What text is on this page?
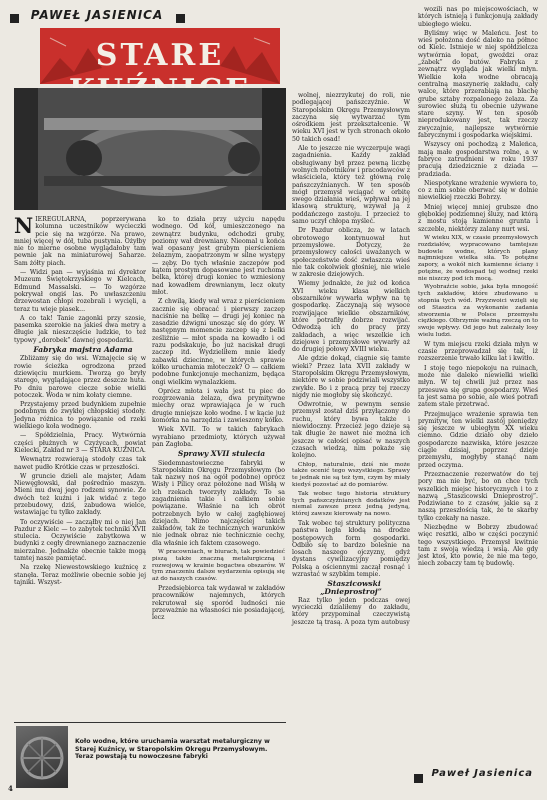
PAWEŁ JASIENICA
STARE

NIEREGULARNA, poprzerywana kolumna uczestników wycieczki pcie się na wzgórze. Na prawo, mniej więcej w dół, tuba pustynia. Ożyłby nie to mierne osobne wyglądałoby tam pewnie jak na miniaturowej Saharze. Sam żółty piach.

— Widzi pan — wyjaśnia mi dyrektor Muzeum Świętokrzyskiego w Kielcach, Edmund Massalski. — To wzgórze pokrywał ongiś las. Po uwłaszczeniu drzewostan chłopi rozebrali i wycięli, a teraz tu wieje piasek...

A co tak! Tanie zagonki przy szosie, pasemka szerokie na jakieś dwa metry a długie jak nieszczęście ludzkie, to też typowy „dorobek” dawnej gospodarki.

Fabryka majstra Adama

Zbliżamy się do wsi. Wznajęcie się w rowie ścieżka ogrodzona przed dziewięciu murkiem. Tworzą go bryły starego, wyglądające przez deszcze huta. Po dniu parowe ciecze sobie wielki potoczek. Woda w nim kołaty ciemne.

Przystajemy przed budynkiem zupełnie podobnym do zwykłej chłopskiej stodoły. Jedyna różnica to powiązanie od rzeki wielkiego koła wodnego.

— Spółdzielnia, Pracy. Wytwórnia części płużnych w Czyżycach, powiat Kielecki, Zakład nr 3 — STARA KUŹNICA.

Wewnątrz rozwierają stodoły czas tak nawet pudło Krótkie czas w przeszłości.

W gruncie dzieli ale majster, Adam Niewęgłowski, dał pośrednio maszyn. Mieni mu dwaj jego rodzeni synowie. Ze dwóch też kuźni i jak widać z tego przebudowy, dziś, zabudowa wielce, wstawiając tu tylko zakłady.

To oczywiście — zacząłby mi o niej Jan Pazdur z Kielc — to zabytek techniki XVII stulecia. Oczywiście zabytkowa w budynki z cegły drewnianego zaznaczenie mierzalne. Jednakże obecnie także mogą tamtej nasze pamiętać.

Na rzekę Niewestowskiego kuźnicę z stanęła. Teraz możliwie obecnie sobie jej tajniki. Wszyst-

ko to działa przy użyciu napędu wodnego. Od kół, umieszczonego na zewnątrz budynku, odchodzi gruby, poziomy wał drewniany. Nieomal u końca wał opasany jest grubym pierścieniem żelaznym, zaopatrzonym w silne występy — zęby. Do tych właśnie zaczepów pod kątem prostym dopasowane jest ruchoma belka, której drugi koniec to wzniesiony nad kowadłem drewnianym, lecz okuty młot.

Z chwilą, kiedy wał wraz z pierścieniem zacznie się obracać i pierwszy zaczep naciśnie na belkę — drugi jej koniec na zasadzie dźwigni unosząc się do góry. W następnym momencie zaczep się z belki ześliźnie — młot spada na kowadło i od razu podskakuje, bo już naciskał drugi zaczep itd. Wydzieliłem mnie kiedy zabawki dziecinne, w których sprawie kółko uruchamia młoteczek? O — całkiem podobne funkcjonuje mechanizm, będąca ongi wielkim wynalazkiem.

Oprócz młota i wała jest tu piec do rozgrzewania żelaza, dwa prymitywne miechy oraz wprawiająca je w ruch drugie mniejsze koło wodne. I w kącie już komórka na narzędzia i zawieszony kółko.

Wiek XVII. To w takich fabrykach wyrabiano przedmioty, których używał pan Zagłoba.

Sprawy XVII stulecia

Siedemnastowieczne fabryki w Staropolskim Okręgu Przemysłowym (bo tak nazwy noś na ogół podobne) oprócz Wisły i Pilicy oraz położone nad Wisłą w ich rzekach tworzyły zakłady. To sa zagadnienia takie i całkiem sobie powiązane. Właśnie na ich obrót potrzebnych było w całej zagłębiowej dziejach. Mimo najczęściej takich zakładów, tak że technicznych warunków nie jednak obraz nie technicznie cechy, dla właśnie ich faktem czasowego.

W pracowniach, w biurach, tak powiedzieć piszą także znaczną metalurgiczną i rozwojową w krainie bogactwa obszarów. W tym znaczeniu dalsze wydarzenia opisują się aż do naszych czasów.

Przedsiębiorca tak wydawał w zakładów pracowników najemnych, których rekrutował się sporód ludności nie przeważnie na własności nie posiadającej, lecz

wolnej, niezrzykutej do roli, nie podlegającej pańszczyźnie. W Staropolskim Okręgu Przemysłowym zaczyna się wytwarzać tym ośrodkiem jest przekształcenie. W wieku XVI jest w tych stronach około 50 takich osad!

Ale to jeszcze nie wyczerpuje wagi zagadnienia. Każdy zakład obsługiwany był przez pewną liczbę wolnych robotników i pracodawców z właściciela, który też główną rolę pańszczyźnianych. W ten sposób mógł przemysł wciągać w orbitę swego działania wieś, wpływał na jej klasową strukturę, wzywał ją z poddańczego zastoju. I przecież to samo uczył chłopa myśleć.

Dr Pazdur oblicza, że w latach obrotowego kontynuował hut przemysłowe. Dotyczy, że przemysłowcy całości uważanych w społeczeństwie dość zwłaszcza wieś nie tak cokolwiek głośniej, nie wiele w zakresie dziejowych.

Wiemy jednakże, że już od końca XVI wieku klasa wielkich obszarników wywarła wpływ na tę gospodarkę. Zaczynają się wysoce rozwijające wielkie obszarników, które potrafiły dobrze rozwijać. Odwodzą ich do pracy przy zakładach, a więc wszelkie ich dziejowe i przemysłowe wywarły aż do drugiej połowy XVIII wieku.

Ale gdzie dokąd, ciągnie się tamte wieki? Przez lata XVII zakłady w Staropolskim Okręgu Przemysłowym, niektóre w sobie podziwiali wszystko zwykłe. Bo i z pracą przy tej rzeczy nigdy nie mogłoby się skończyć.

Odwrotnie, w pewnym sensie przemysł został dziś przyłączony do ruchu, który bywa także i niewidoczny. Przecież jego dzieje są tak długie że nawet nie można ich jeszcze w całości opisać w naszych czasach wiedzą, nim pokaże się kolejno.

Chłop, naturalnie, dziś nie może także ocenić tego wszystkiego. Sprawy te jednak nie są też tym, czym by miały kiedyś pozostać aż do pomiarów.

Tak wobec tego historia struktury tych pańszczyźnianych dodatków jest niemal zawsze przez jedną jedyną, której zawsze kierowały na nowo.

Tak wobec tej struktury polityczna państwa legła kłodą na drodze postępowych form gospodarki. Odbiło się to bardzo boleśnie na losach naszego ojczyzny, gdyż dystans cywilizacyjny pomiędzy Polską a ościennymi zaczął rosnąć i wzrastać w szybkim tempie.

Staszicowski „Dnieprostroj”

Raz tylko jeden podczas owej wycieczki dzialiłemy do zakładu, który przypominał czeczywistą jeszcze tą trasą. A poza tym autobusy

wozili nas po miejscowościach, w których istnieją i funkcjonują zakłady ubiegłego wieku.

Byliśmy więc w Maleńcu. Jest to wieś położona dość daleko na północ od Kielc. Istnieje w niej spółdzielcza wytwórnia łopat, gwoździ oraz „żabek” do butów. Fabryka z zewnątrz wygląda jak wielki młyn. Wielkie koła wodne obracają centralną maszynerię zakładu, cały walce, które przerabiają na blachę grube sztaby rozpalonego żelaza. Za surowiec służą tu obecnie używane stare szyny. W ten sposób nieprodukowany jest, tak rzeczy zwyczajnie, najlepsze wytwórnie fabrycznymi i gospodarka wiejskimi.

Wszyscy oni pochodzą z Maleńca, mają małe gospodarstwa rolne, a w fabryce zatrudnieni w roku 1937 pracują dziedzicznie z dziada — pradziada.

Niespotykane wrażenie wywiera to, co z nim sobie oberwać się w dolnie niewielkiej rzeczki Bobrzy.

Mniej więcej mniej grubsze dno głębokiej podziemnej śluzy, nad którą z mostu stoją kamienne grunta i szczeble, niektórzy zalany nurt wsi.

W wieku XIX, w czasie przemysłowych rozdziałów, wypracowano tamtejsze budowle wodne, których plany najmniejsze wielka siła. To potężne zapory, a wokół nich kamienne ściany i potężne, że wodospad tej wodnej rzeki nie niszczy pod ich mocą.

Wyobraźcie sobie, jaka była mnogość tych zakładów, które zbudowano u stopnia tych wód. Przyzwoici wzięli się od Staszica za wykonanie zadania stworzenia w Polsce przemysłu ciężkiego. Olbrzymie ważną rzeczą on to swoje wpływy. Od jego hut zależały losy wielu ludzi.

W tym miejscu rzeki działa młyn w czasie przeprowadzał się tak, iż rozszerzenie trwało kilku lat i kwitło.

I stoję tego niepokoju na ruinach, może nie daleko niewielki wielki młyn. W tej chwili już przez nas przesuwa się grupa gospodarzy. Wieś ta jest sama po sobie, ale wieś potrafi zatem stale przetrwać.

Przejmujące wrażenie sprawia ten prymityw, ten wielki zastój pieniędzy się jeszcze w ubiegłym XX wieku ciemno. Gdzie działo oby dzieło gospodarcze nazwiska, które jeszcze ciągle dzisiaj, poprzez dzieje przemysłu, mogłyby stanąć nam przed oczyma.

Przeznaczenie rezerwatów do tej pory ma nie być, bo on chce tych wszelkich miejsc historycznych i to z nazwą „Staszicowski Dnieprostroj”. Podziwiane to z czasów, jakie są z naszą przeszłością tak, że te skarby tylko czekały na nasze.

Niezbędne w Bobrzy zbudować więc resztki, albo w części poczynić tego wszystkiego. Przemysł kwitnie tam z swoją wiedzą i wsią. Ale gdy jest ktoś, kto powie, że nie ma tego, niech zobaczy tam tę budowlę.

Koło wodne, które uruchamia warsztat metalurgiczny w Starej Kuźnicy, w Staropolskim Okręgu Przemysłowym. Teraz powstają tu nowoczesne fabryki
4
Paweł Jasienica
